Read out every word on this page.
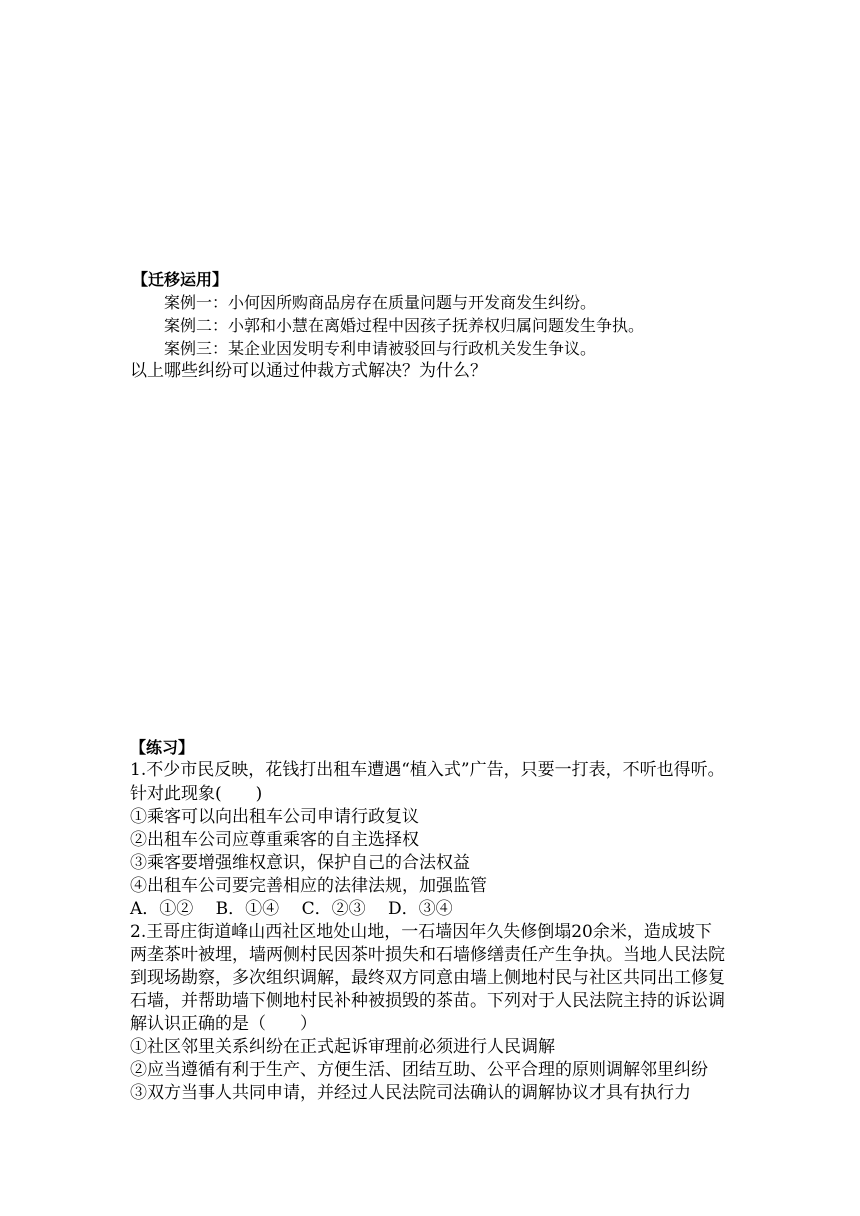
【迁移运用】
案例一：小何因所购商品房存在质量问题与开发商发生纠纷。
案例二：小郭和小慧在离婚过程中因孩子抚养权归属问题发生争执。
案例三：某企业因发明专利申请被驳回与行政机关发生争议。
以上哪些纠纷可以通过仲裁方式解决？为什么？
【练习】
1.不少市民反映，花钱打出租车遭遇“植入式”广告，只要一打表，不听也得听。
针对此现象(　　)
①乘客可以向出租车公司申请行政复议
②出租车公司应尊重乘客的自主选择权
③乘客要增强维权意识，保护自己的合法权益
④出租车公司要完善相应的法律法规，加强监管
A．①②　 B．①④　 C．②③　 D．③④
2.王哥庄街道峰山西社区地处山地，一石墙因年久失修倒塌20余米，造成坡下
两垄茶叶被埋，墙两侧村民因茶叶损失和石墙修缮责任产生争执。当地人民法院
到现场勘察，多次组织调解，最终双方同意由墙上侧地村民与社区共同出工修复
石墙，并帮助墙下侧地村民补种被损毁的茶苗。下列对于人民法院主持的诉讼调
解认识正确的是（　　）
①社区邻里关系纠纷在正式起诉审理前必须进行人民调解
②应当遵循有利于生产、方便生活、团结互助、公平合理的原则调解邻里纠纷
③双方当事人共同申请，并经过人民法院司法确认的调解协议才具有执行力
